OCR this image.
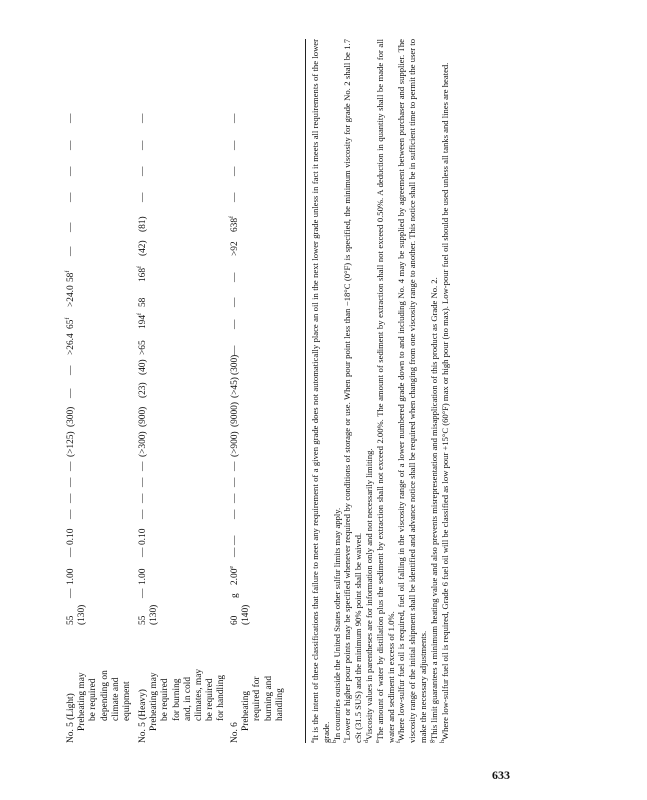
No. 5 (Light) Preheating may be required depending on climate and equipment
55 (130)
—
1.00
—
0.10
—
—
—
—
(>125)
(300)
—
—
>26.4
$65^f$
>24.0
58$^f$
—
—
—
—
—
—
No. 5 (Heavy) Preheating may be required for burning and, in cold climates, may be required for handling
55 (130)
—
1.00
—
0.10
—
—
—
—
(>300)
(900)
(23)
(40)
>65
194$^f$
58
168$^f$
(42)
(81)
—
—
—
—
No. 6
Preheating required for burning and handling
60 (140)
g
2.00e
—
—
—
—
—
—
(>900)
(9000)
(>45)
(300)
—
—
—
—
>92
638$^f$
—
—
—
—

$^a$It is the intent of these classifications that failure to meet any requirement of a given grade does not automatically place an oil in the next lower grade unless in fact it meets all requirements of the lower grade. $^b$In countries outside the United States other sulfur limits may apply.

$^c$Lower or higher pour points may be specified whenever required by conditions of storage or use. When pour point less than −18°C (0°F) is specified, the minimum viscosity for grade No. 2 shall be 1.7 cSt (31.5 SUS) and the minimum 90% point shall be waived. $^d$Viscosity values in parentheses are for information only and not necessarily limiting.

$^e$The amount of water by distillation plus the sediment by extraction shall not exceed 2.00%. The amount of sediment by extraction shall not exceed 0.50%. A deduction in quantity shall be made for all water and sediment in excess of 1.0%. $^f$Where low-sulfur fuel oil is required, fuel oil falling in the viscosity range of a lower numbered grade down to and including No. 4 may be supplied by agreement between purchaser and supplier. The viscosity range of the initial shipment shall be identified and advance notice shall be required when changing from one viscosity range to another. This notice shall be in sufficient time to permit the user to make the necessary adjustments. $^g$This limit guarantees a minimum heating value and also prevents misrepresentation and misapplication of this product as Grade No. 2.

$^h$Where low-sulfur fuel oil is required, Grade 6 fuel oil will be classified as low pour +15°C (60°F) max or high pour (no max). Low-pour fuel oil should be used unless all tanks and lines are heated.

633
